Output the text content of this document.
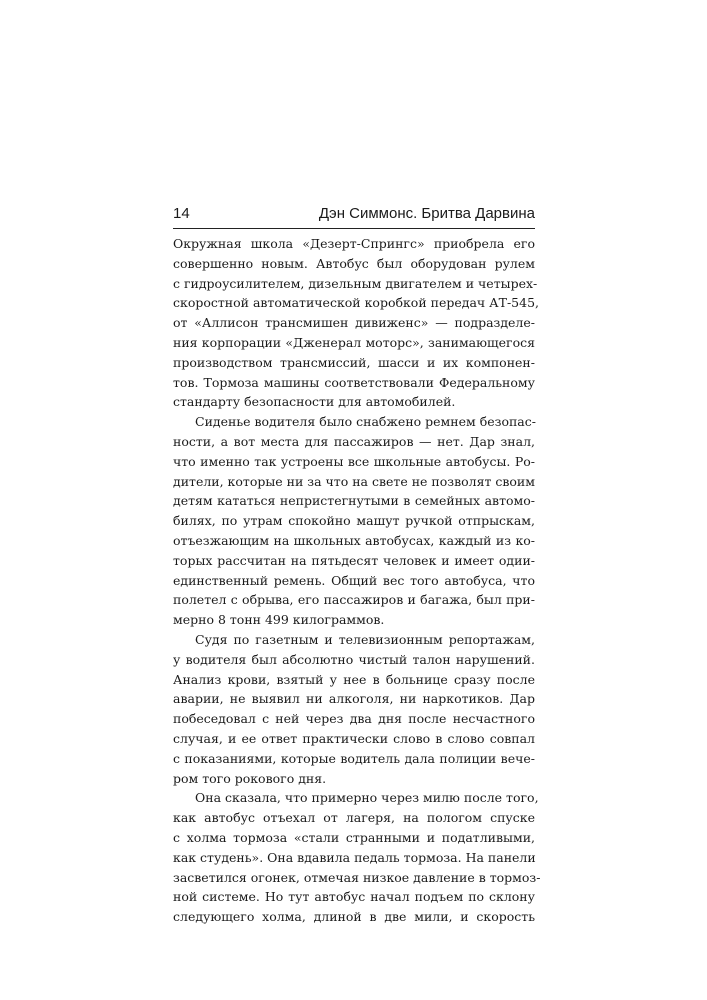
14	Дэн Симмонс. Бритва Дарвина

Окружная школа «Дезерт-Спрингс» приобрела его
совершенно новым. Автобус был оборудован рулем
с гидроусилителем, дизельным двигателем и четырех-
скоростной автоматической коробкой передач АТ-545,
от «Аллисон трансмишен дивиженс» — подразделе-
ния корпорации «Дженерал моторс», занимающегося
производством трансмиссий, шасси и их компонен-
тов. Тормоза машины соответствовали Федеральному
стандарту безопасности для автомобилей.

Сиденье водителя было снабжено ремнем безопас-
ности, а вот места для пассажиров — нет. Дар знал,
что именно так устроены все школьные автобусы. Ро-
дители, которые ни за что на свете не позволят своим
детям кататься непристегнутыми в семейных автомо-
билях, по утрам спокойно машут ручкой отпрыскам,
отъезжающим на школьных автобусах, каждый из ко-
торых рассчитан на пятьдесят человек и имеет одии-
единственный ремень. Общий вес того автобуса, что
полетел с обрыва, его пассажиров и багажа, был при-
мерно 8 тонн 499 килограммов.

Судя по газетным и телевизионным репортажам,
у водителя был абсолютно чистый талон нарушений.
Анализ крови, взятый у нее в больнице сразу после
аварии, не выявил ни алкоголя, ни наркотиков. Дар
побеседовал с ней через два дня после несчастного
случая, и ее ответ практически слово в слово совпал
с показаниями, которые водитель дала полиции вече-
ром того рокового дня.

Она сказала, что примерно через милю после того,
как автобус отъехал от лагеря, на пологом спуске
с холма тормоза «стали странными и податливыми,
как студень». Она вдавила педаль тормоза. На панели
засветился огонек, отмечая низкое давление в тормоз-
ной системе. Но тут автобус начал подъем по склону
следующего холма, длиной в две мили, и скорость
